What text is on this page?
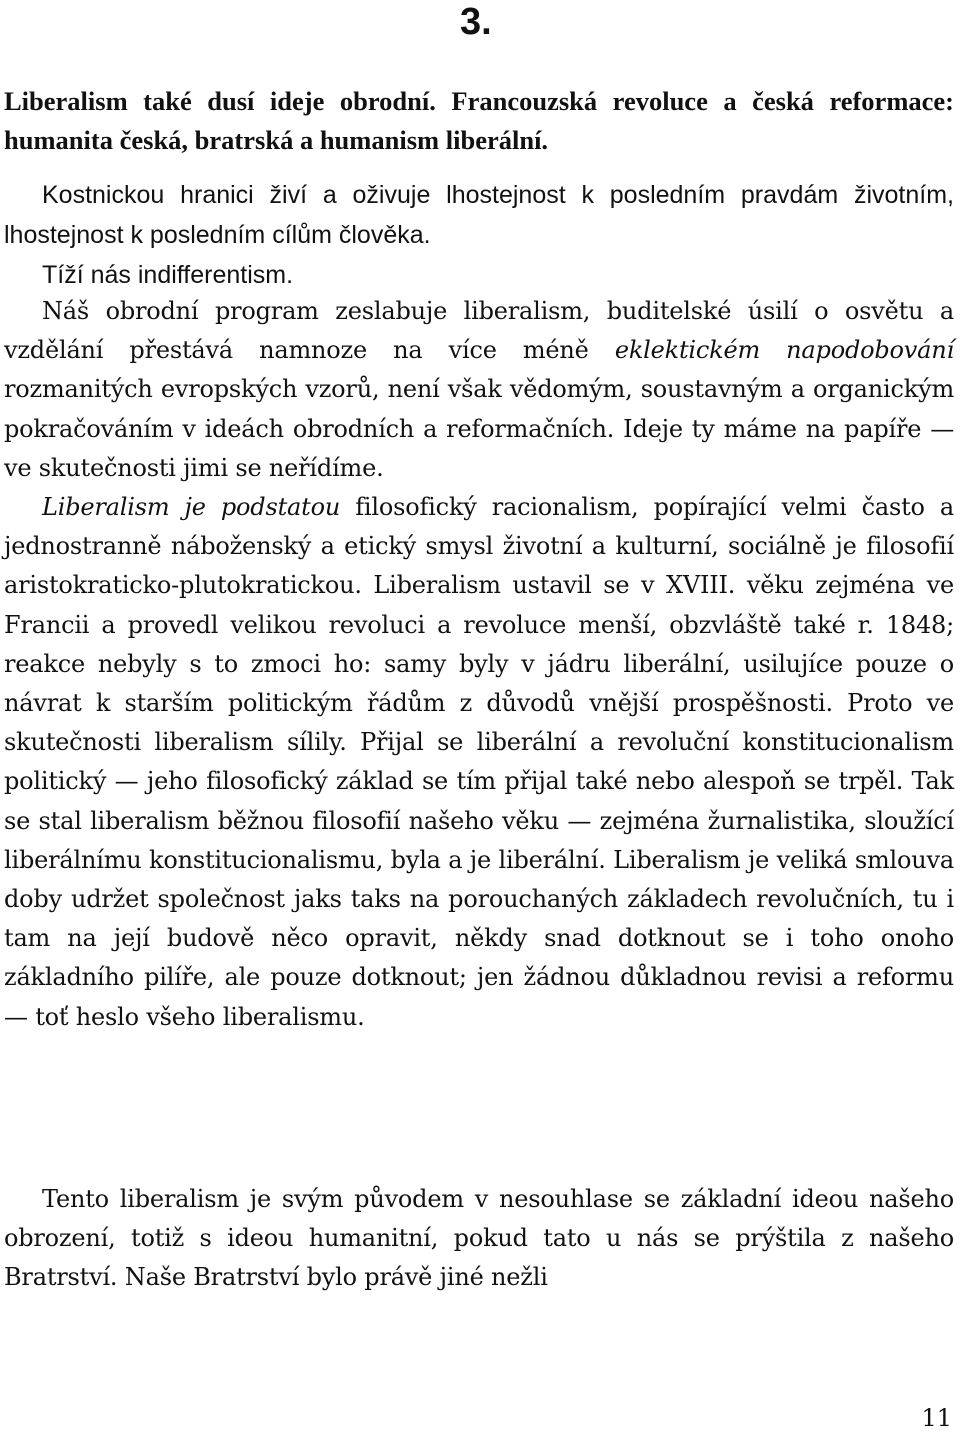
3.
Liberalism také dusí ideje obrodní. Francouzská revoluce a česká reformace: humanita česká, bratrská a humanism liberální.
Kostnickou hranici živí a oživuje lhostejnost k posledním pravdám životním, lhostejnost k posledním cílům člověka.
Tíží nás indifferentism.

Náš obrodní program zeslabuje liberalism, buditelské úsilí o osvětu a vzdělání přestává namnoze na více méně eklektickém napodobování rozmanitých evropských vzorů, není však vědomým, soustavným a organickým pokračováním v ideách obrodních a reformačních. Ideje ty máme na papíře — ve skutečnosti jimi se neřídíme.

Liberalism je podstatou filosofický racionalism, popírající velmi často a jednostranně náboženský a etický smysl životní a kulturní, sociálně je filosofií aristokraticko-plutokratickou. Liberalism ustavil se v XVIII. věku zejména ve Francii a provedl velikou revoluci a revoluce menší, obzvláště také r. 1848; reakce nebyly s to zmoci ho: samy byly v jádru liberální, usilujíce pouze o návrat k starším politickým řádům z důvodů vnější prospěšnosti. Proto ve skutečnosti liberalism sílily. Přijal se liberální a revoluční konstitucionalism politický — jeho filosofický základ se tím přijal také nebo alespoň se trpěl. Tak se stal liberalism běžnou filosofií našeho věku — zejména žurnalistika, sloužící liberálnímu konstitucionalismu, byla a je liberální. Liberalism je veliká smlouva doby udržet společnost jaks taks na porouchaných základech revolučních, tu i tam na její budově něco opravit, někdy snad dotknout se i toho onoho základního pilíře, ale pouze dotknout; jen žádnou důkladnou revisi a reformu — toť heslo všeho liberalismu.

Tento liberalism je svým původem v nesouhlase se základní ideou našeho obrození, totiž s ideou humanitní, pokud tato u nás se prýštila z našeho Bratrství. Naše Bratrství bylo právě jiné nežli

11
